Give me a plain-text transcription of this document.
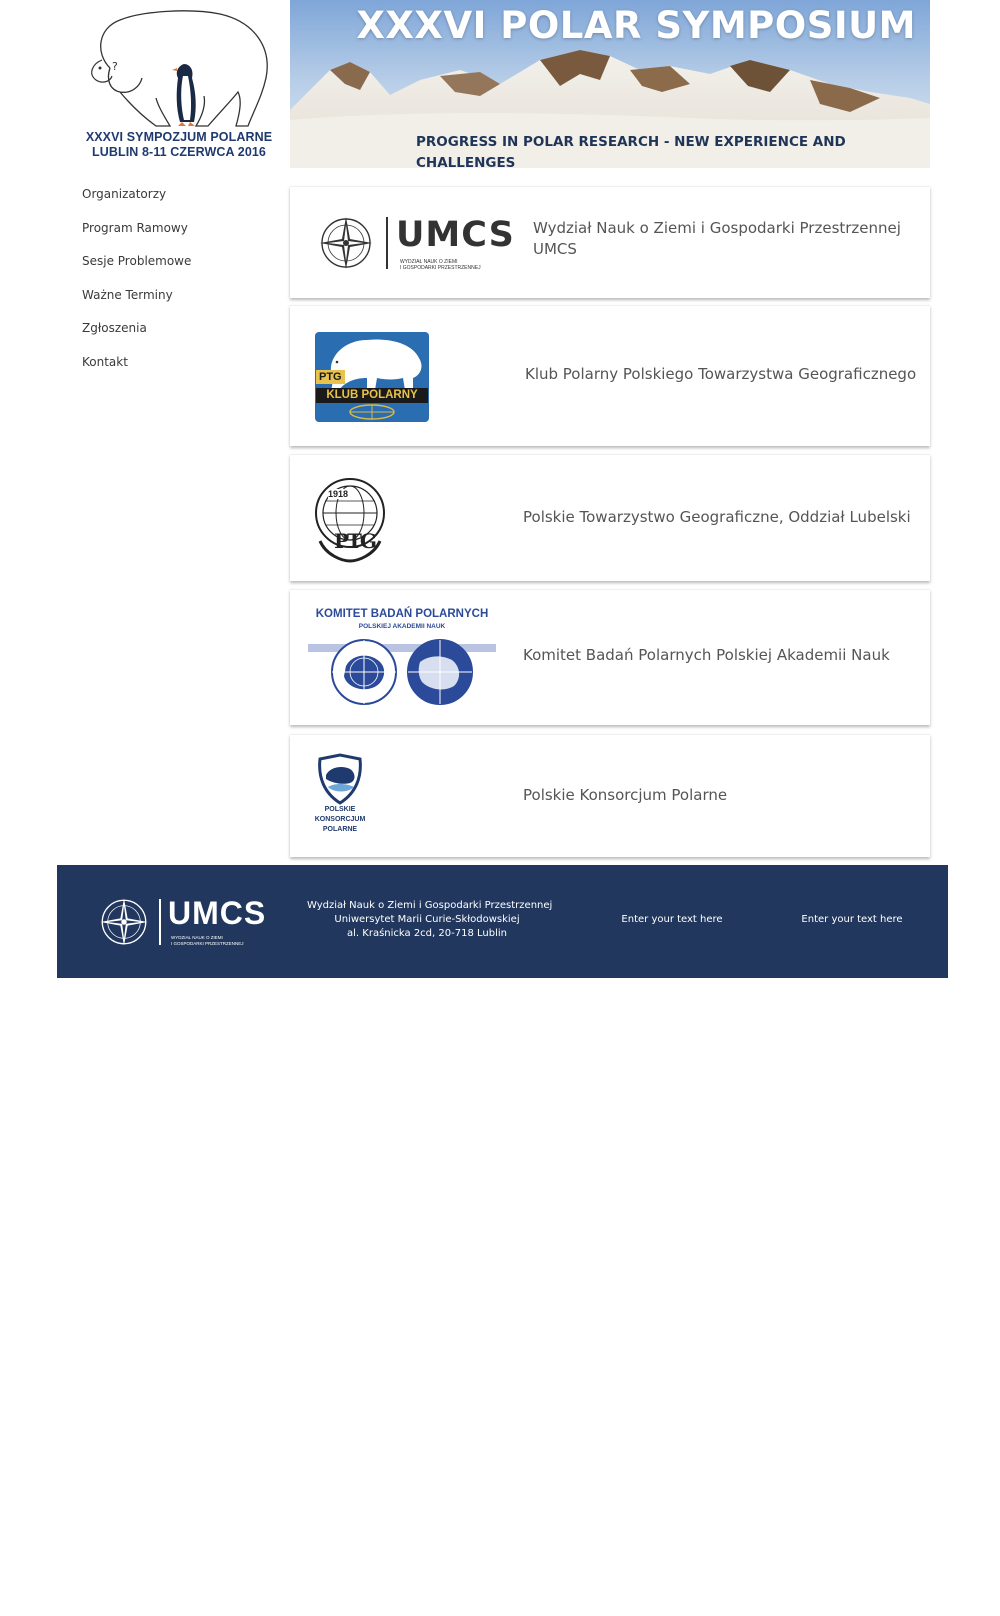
?
XXXVI SYMPOZJUM POLARNE
LUBLIN 8-11 CZERWCA 2016
Organizatorzy
Program Ramowy
Sesje Problemowe
Ważne Terminy
Zgłoszenia
Kontakt
XXXVI POLAR SYMPOSIUM
PROGRESS IN POLAR RESEARCH - NEW EXPERIENCE AND CHALLENGES
UMCS
WYDZIAŁ NAUK O ZIEMI
I GOSPODARKI PRZESTRZENNEJ
Wydział Nauk o Ziemi i Gospodarki Przestrzennej UMCS
PTG
KLUB POLARNY
Klub Polarny Polskiego Towarzystwa Geograficznego
1918
PTG
Polskie Towarzystwo Geograficzne, Oddział Lubelski
KOMITET BADAŃ POLARNYCH
POLSKIEJ AKADEMII NAUK
Komitet Badań Polarnych Polskiej Akademii Nauk
POLSKIE
KONSORCJUM
POLARNE
Polskie Konsorcjum Polarne
UMCS
WYDZIAŁ NAUK O ZIEMI
I GOSPODARKI PRZESTRZENNEJ
Wydział Nauk o Ziemi i Gospodarki Przestrzennej
Uniwersytet Marii Curie-Skłodowskiej
al. Kraśnicka 2cd, 20-718 Lublin
Enter your text here	Enter your text here
